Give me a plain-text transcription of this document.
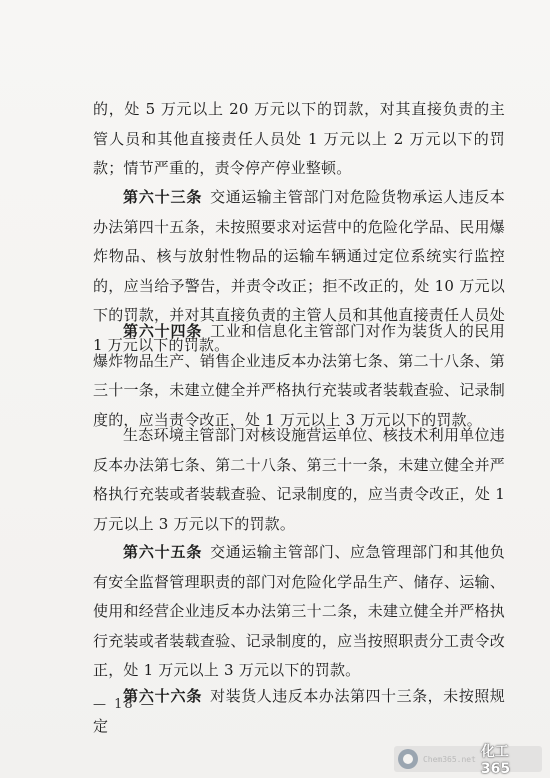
的，处 5 万元以上 20 万元以下的罚款，对其直接负责的主管人员和其他直接责任人员处 1 万元以上 2 万元以下的罚款；情节严重的，责令停产停业整顿。

第六十三条 交通运输主管部门对危险货物承运人违反本办法第四十五条，未按照要求对运营中的危险化学品、民用爆炸物品、核与放射性物品的运输车辆通过定位系统实行监控的，应当给予警告，并责令改正；拒不改正的，处 10 万元以下的罚款，并对其直接负责的主管人员和其他直接责任人员处 1 万元以下的罚款。

第六十四条 工业和信息化主管部门对作为装货人的民用爆炸物品生产、销售企业违反本办法第七条、第二十八条、第三十一条，未建立健全并严格执行充装或者装载查验、记录制度的，应当责令改正，处 1 万元以上 3 万元以下的罚款。

生态环境主管部门对核设施营运单位、核技术利用单位违反本办法第七条、第二十八条、第三十一条，未建立健全并严格执行充装或者装载查验、记录制度的，应当责令改正，处 1 万元以上 3 万元以下的罚款。

第六十五条 交通运输主管部门、应急管理部门和其他负有安全监督管理职责的部门对危险化学品生产、储存、运输、使用和经营企业违反本办法第三十二条，未建立健全并严格执行充装或者装载查验、记录制度的，应当按照职责分工责令改正，处 1 万元以上 3 万元以下的罚款。

第六十六条 对装货人违反本办法第四十三条，未按照规定

— 18 —
Chem365.net 化工365
